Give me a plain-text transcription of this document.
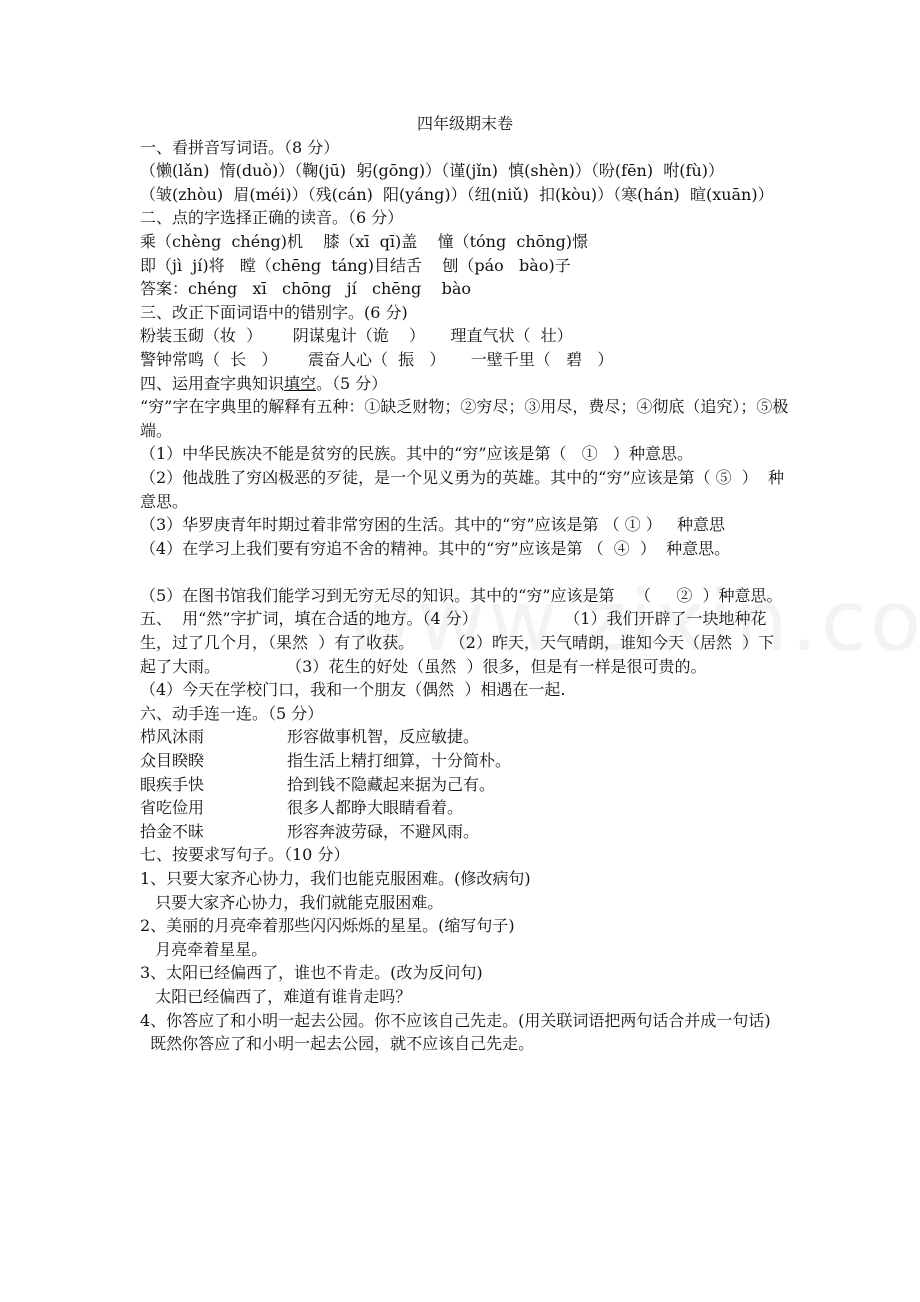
四年级期末卷
一、看拼音写词语。（8 分）
（懒(lǎn)  惰(duò)）（鞠(jū)  躬(gōng)）（谨(jǐn)  慎(shèn)）（吩(fēn)  咐(fù)）
（皱(zhòu)  眉(méi)）（残(cán)  阳(yáng)）（纽(niǔ)  扣(kòu)）（寒(hán)  暄(xuān)）
二、点的字选择正确的读音。（6 分）
乘（chèng  chéng)机    膝（xī  qī)盖    憧（tóng  chōng)憬
即（jì  jí)将   瞠（chēng  táng)目结舌    刨（páo   bào)子
答案：chéng   xī   chōng   jí   chēng    bào
三、改正下面词语中的错别字。(6 分)
粉装玉砌（妆  ）      阴谋鬼计（诡    ）     理直气状（  壮）
警钟常鸣（  长   ）      震奋人心（  振   ）     一壁千里（   碧   ）
四、运用查字典知识填空。（5 分）
“穷”字在字典里的解释有五种：①缺乏财物；②穷尽；③用尽，费尽；④彻底（追究）；⑤极端。
（1）中华民族决不能是贫穷的民族。其中的“穷”应该是第（   ①   ）种意思。
（2）他战胜了穷凶极恶的歹徒，是一个见义勇为的英雄。其中的“穷”应该是第（ ⑤  ）  种意思。
（3）华罗庚青年时期过着非常穷困的生活。其中的“穷”应该是第 （ ① ）   种意思
（4）在学习上我们要有穷追不舍的精神。其中的“穷”应该是第 （  ④  ）  种意思。
（5）在图书馆我们能学习到无穷无尽的知识。其中的“穷”应该是第    （     ②  ）种意思。
五、  用“然”字扩词，填在合适的地方。（4 分）                 （1）我们开辟了一块地种花生，过了几个月，（果然  ）有了收获。       （2）昨天，天气晴朗，谁知今天（居然  ）下起了大雨。             （3）花生的好处（虽然  ）很多，但是有一样是很可贵的。          （4）今天在学校门口，我和一个朋友（偶然  ）相遇在一起.
六、动手连一连。（5 分）
栉风沐雨	形容做事机智，反应敏捷。
众目睽睽	指生活上精打细算，十分简朴。
眼疾手快	拾到钱不隐藏起来据为己有。
省吃俭用	很多人都睁大眼睛看着。
拾金不昧	形容奔波劳碌，不避风雨。
七、按要求写句子。（10 分）
1、只要大家齐心协力，我们也能克服困难。(修改病句)
只要大家齐心协力，我们就能克服困难。
2、美丽的月亮牵着那些闪闪烁烁的星星。(缩写句子)
月亮牵着星星。
3、太阳已经偏西了，谁也不肯走。(改为反问句)
太阳已经偏西了，难道有谁肯走吗？
4、你答应了和小明一起去公园。你不应该自己先走。(用关联词语把两句话合并成一句话)
既然你答应了和小明一起去公园，就不应该自己先走。
